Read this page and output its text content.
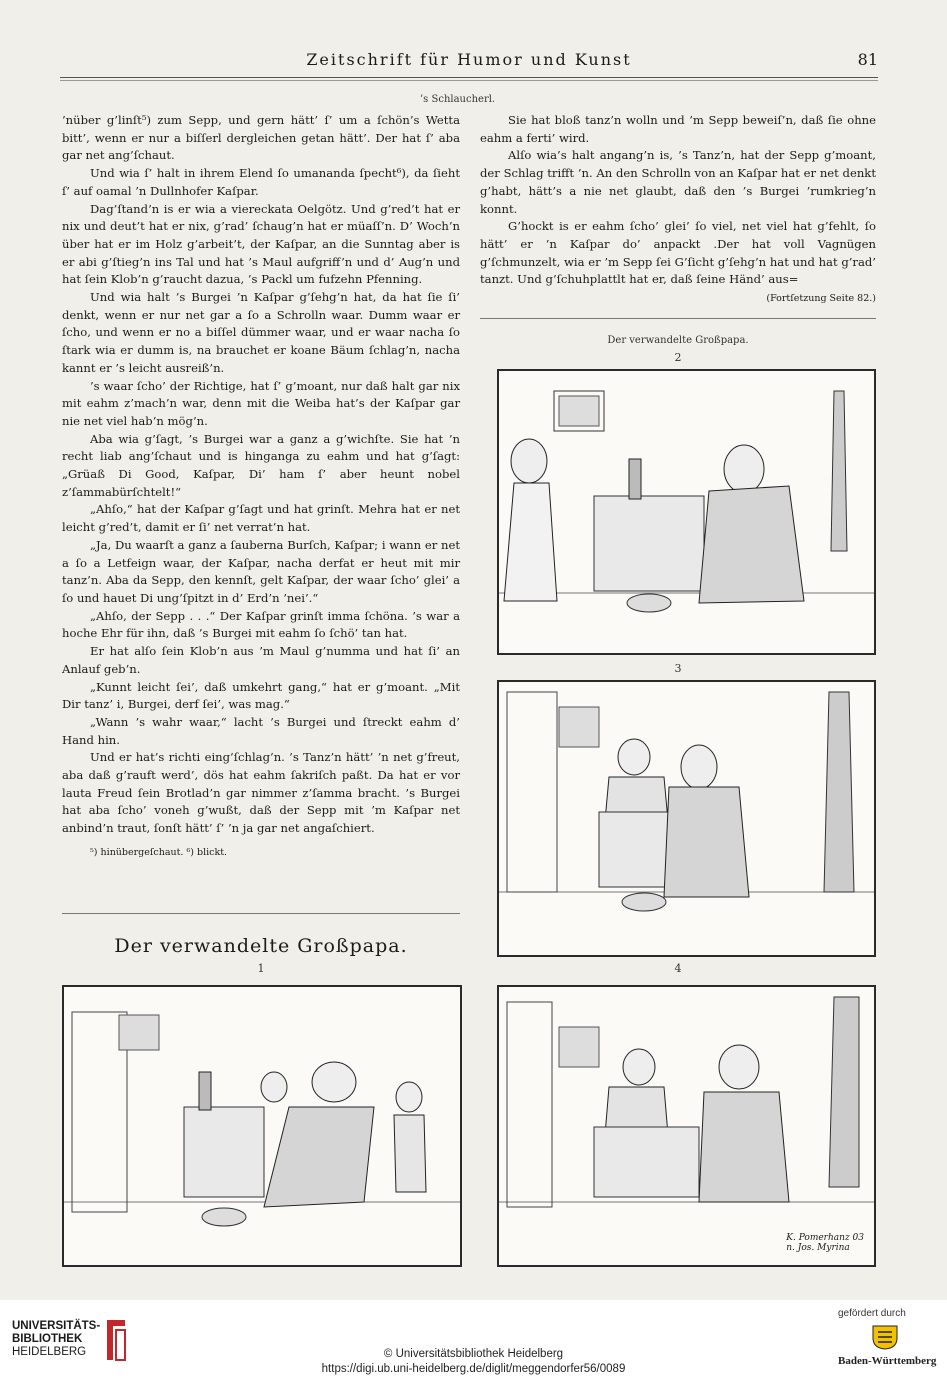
Zeitschrift für Humor und Kunst	81
’s Schlaucherl.

’nüber g’linſt⁵) zum Sepp, und gern hätt’ ſ’ um a ſchön’s Wetta bitt’, wenn er nur a biſſerl dergleichen getan hätt’. Der hat ſ’ aba gar net ang’ſchaut.

Und wia ſ’ halt in ihrem Elend ſo umananda ſpecht⁶), da ſieht ſ’ auf oamal ’n Dullnhofer Kaſpar.

Dag’ſtand’n is er wia a viereckata Oelgötz. Und g’red’t hat er nix und deut’t hat er nix, g’rad’ ſchaug’n hat er müaſſ’n. D’ Woch’n über hat er im Holz g’arbeit’t, der Kaſpar, an die Sunntag aber is er abi g’ſtieg’n ins Tal und hat ’s Maul aufgriff’n und d’ Aug’n und hat ſein Klob’n g’raucht dazua, ’s Packl um fufzehn Pfenning.

Und wia halt ’s Burgei ’n Kaſpar g’ſehg’n hat, da hat ſie ſi’ denkt, wenn er nur net gar a ſo a Schrolln waar. Dumm waar er ſcho, und wenn er no a biſſel dümmer waar, und er waar nacha ſo ſtark wia er dumm is, na brauchet er koane Bäum ſchlag’n, nacha kannt er ’s leicht ausreiß’n.

’s waar ſcho’ der Richtige, hat ſ’ g’moant, nur daß halt gar nix mit eahm z’mach’n war, denn mit die Weiba hat’s der Kaſpar gar nie net viel hab’n mög’n.

Aba wia g’ſagt, ’s Burgei war a ganz a g’wichſte. Sie hat ’n recht liab ang’ſchaut und is hinganga zu eahm und hat g’ſagt: „Grüaß Di Good, Kaſpar, Di’ ham ſ’ aber heunt nobel z’ſammabürſchtelt!“

„Ahſo,“ hat der Kaſpar g’ſagt und hat grinſt. Mehra hat er net leicht g’red’t, damit er ſi’ net verrat’n hat.

„Ja, Du waarſt a ganz a ſauberna Burſch, Kaſpar; i wann er net a ſo a Letfeign waar, der Kaſpar, nacha derfat er heut mit mir tanz’n. Aba da Sepp, den kennſt, gelt Kaſpar, der waar ſcho’ glei’ a ſo und hauet Di ung’ſpitzt in d’ Erd’n ’nei’.“

„Ahſo, der Sepp . . .“ Der Kaſpar grinſt imma ſchöna. ’s war a hoche Ehr für ihn, daß ’s Burgei mit eahm ſo ſchö’ tan hat.

Er hat alſo ſein Klob’n aus ’m Maul g’numma und hat ſi’ an Anlauf geb’n.

„Kunnt leicht ſei’, daß umkehrt gang,“ hat er g’moant. „Mit Dir tanz’ i, Burgei, derf ſei’, was mag.“

„Wann ’s wahr waar,“ lacht ’s Burgei und ſtreckt eahm d’ Hand hin.

Und er hat’s richti eing’ſchlag’n. ’s Tanz’n hätt’ ’n net g’freut, aba daß g’rauft werd’, dös hat eahm ſakriſch paßt. Da hat er vor lauta Freud ſein Brotlad’n gar nimmer z’ſamma bracht. ’s Burgei hat aba ſcho’ voneh g’wußt, daß der Sepp mit ’m Kaſpar net anbind’n traut, ſonſt hätt’ ſ’ ’n ja gar net angaſchiert.

⁵) hinübergeſchaut. ⁶) blickt.

Sie hat bloß tanz’n wolln und ’m Sepp beweiſ’n, daß ſie ohne eahm a ferti’ wird.

Alſo wia’s halt angang’n is, ’s Tanz’n, hat der Sepp g’moant, der Schlag trifft ’n. An den Schrolln von an Kaſpar hat er net denkt g’habt, hätt’s a nie net glaubt, daß den ’s Burgei ’rumkrieg’n konnt.

G’hockt is er eahm ſcho’ glei’ ſo viel, net viel hat g’fehlt, ſo hätt’ er ’n Kaſpar do’ anpackt .Der hat voll Vagnügen g’ſchmunzelt, wia er ’m Sepp ſei G’ſicht g’ſehg’n hat und hat g’rad’ tanzt. Und g’ſchuhplattlt hat er, daß ſeine Händ’ aus=

(Fortſetzung Seite 82.)
Der verwandelte Großpapa.
2
3
Der verwandelte Großpapa.
1	4
K. Pomerhanz 03
n. Jos. Myrina
UNIVERSITÄTS-
BIBLIOTHEK
HEIDELBERG	© Universitätsbibliothek Heidelberg
https://digi.ub.uni-heidelberg.de/diglit/meggendorfer56/0089
gefördert durch
Baden-Württemberg
